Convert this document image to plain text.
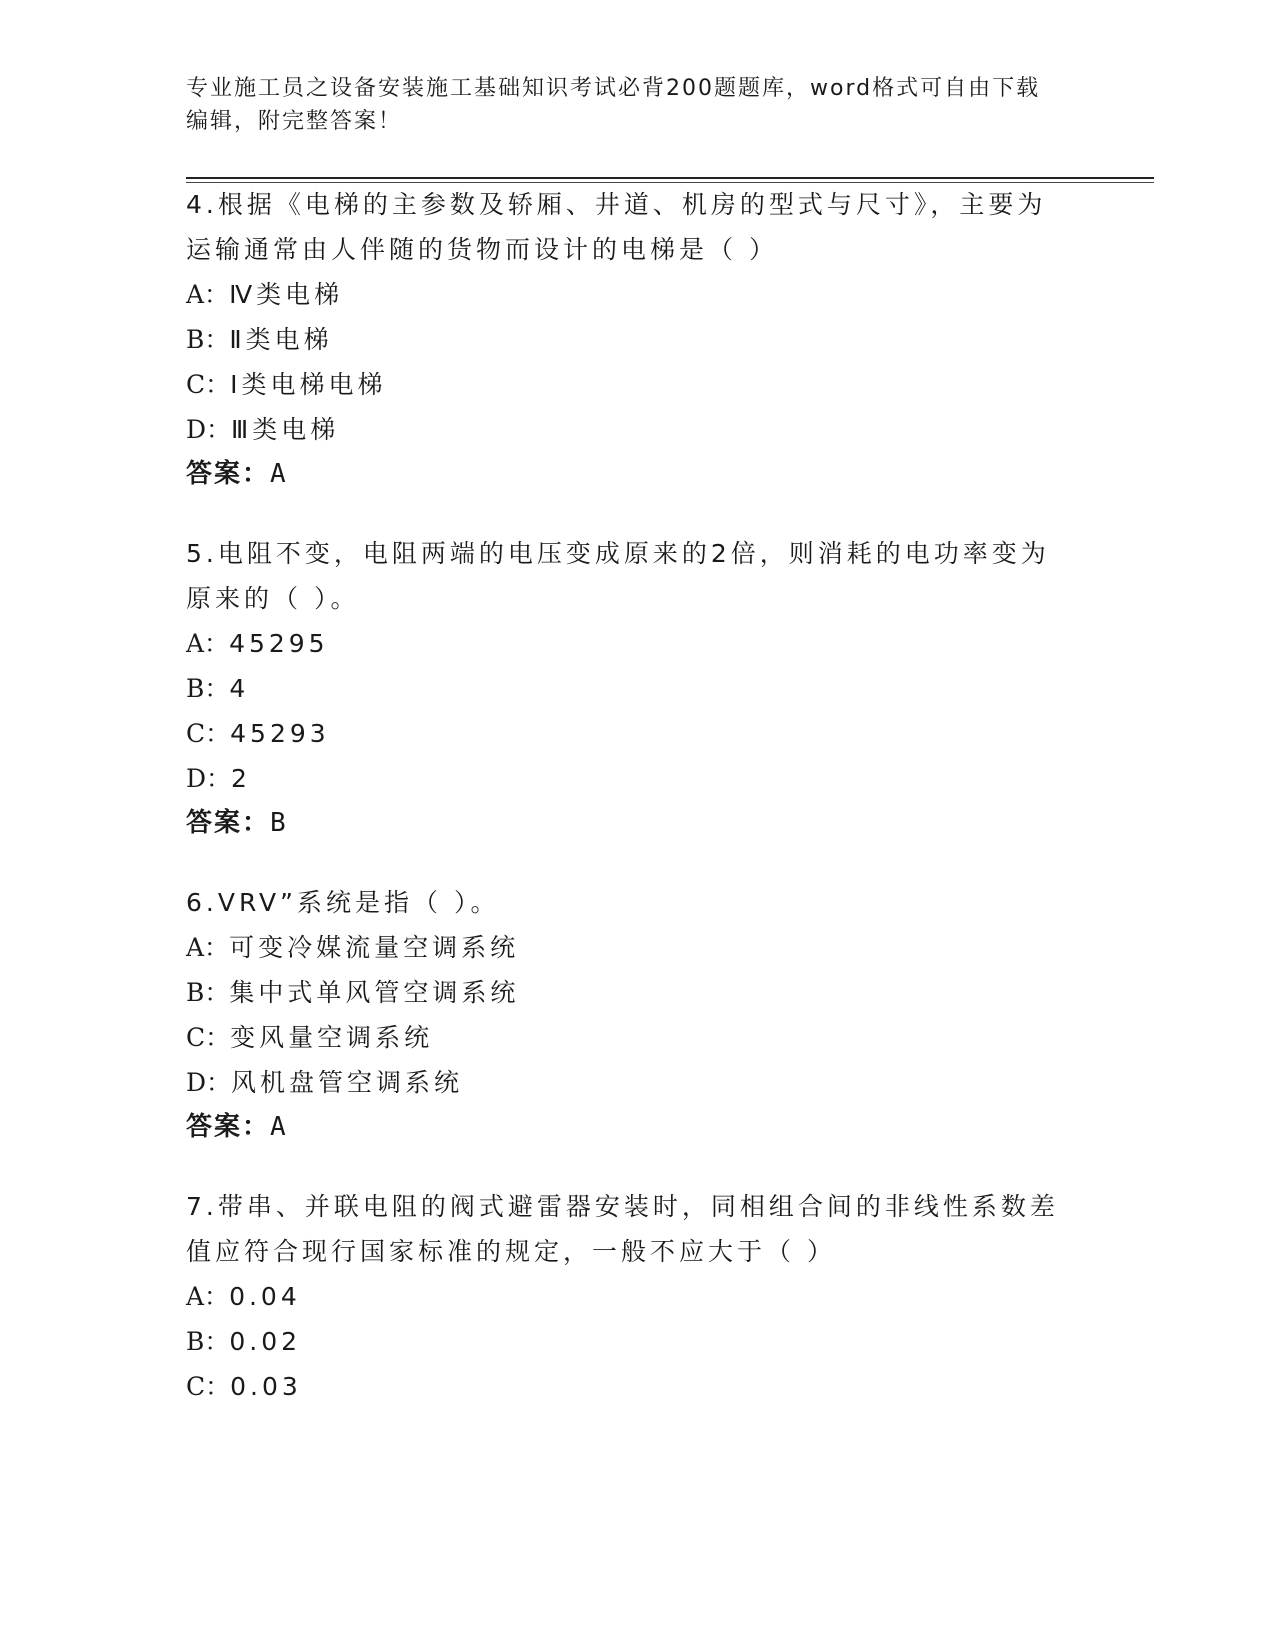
专业施工员之设备安装施工基础知识考试必背200题题库，word格式可自由下载
编辑，附完整答案！

4.根据《电梯的主参数及轿厢、井道、机房的型式与尺寸》，主要为

运输通常由人伴随的货物而设计的电梯是（ ）

A：Ⅳ类电梯

B：Ⅱ类电梯

C：Ⅰ类电梯电梯

D：Ⅲ类电梯

答案：A

5.电阻不变，电阻两端的电压变成原来的2倍，则消耗的电功率变为

原来的（ ）。

A：45295

B：4

C：45293

D：2

答案：B

6.VRV”系统是指（ ）。

A：可变冷媒流量空调系统

B：集中式单风管空调系统

C：变风量空调系统

D：风机盘管空调系统

答案：A

7.带串、并联电阻的阀式避雷器安装时，同相组合间的非线性系数差

值应符合现行国家标准的规定，一般不应大于（ ）

A：0.04

B：0.02

C：0.03
